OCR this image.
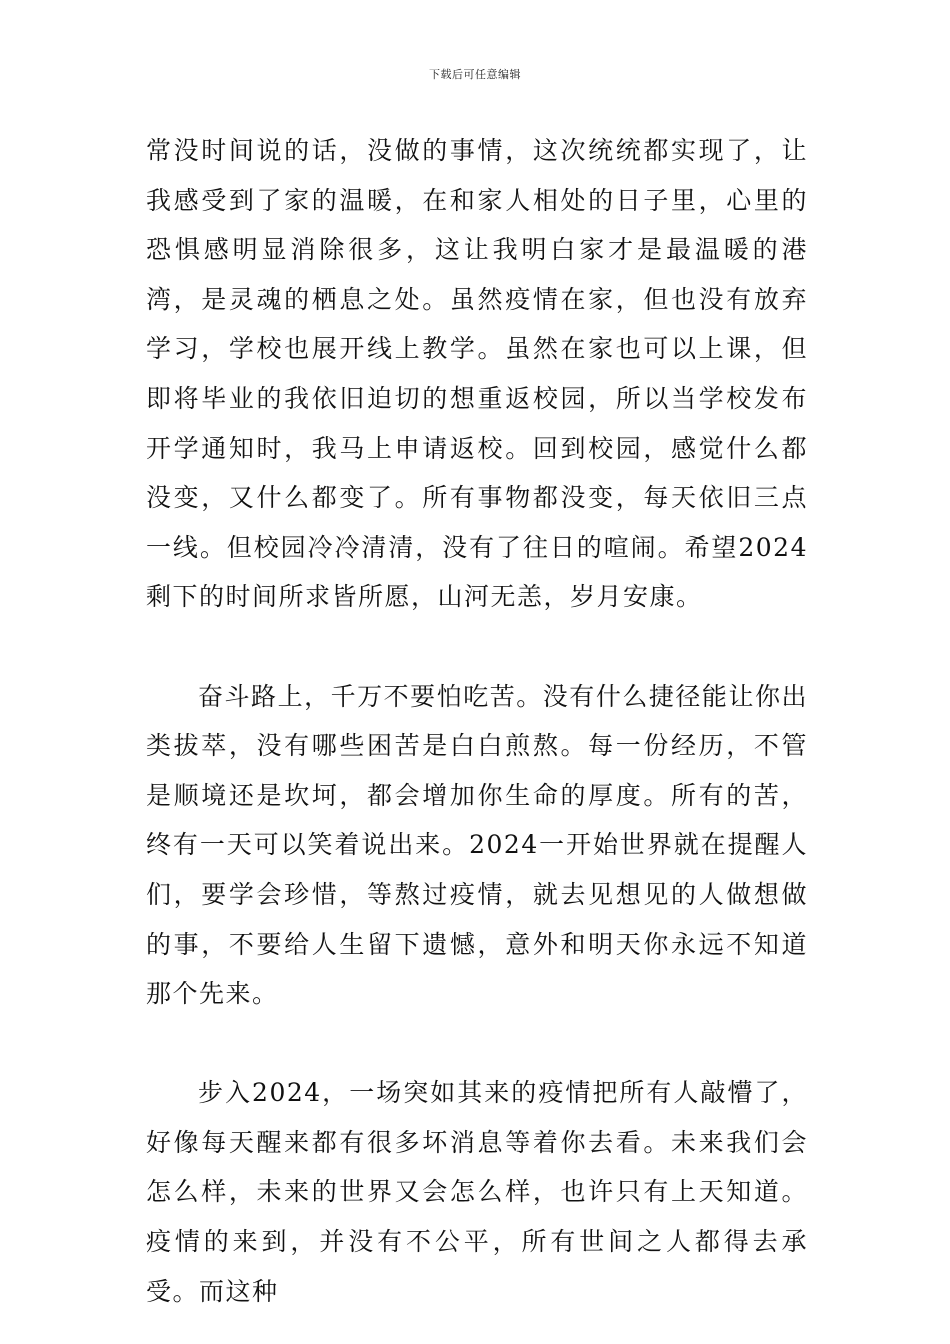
下载后可任意编辑

常没时间说的话，没做的事情，这次统统都实现了，让我感受到了家的温暖，在和家人相处的日子里，心里的恐惧感明显消除很多，这让我明白家才是最温暖的港湾，是灵魂的栖息之处。虽然疫情在家，但也没有放弃学习，学校也展开线上教学。虽然在家也可以上课，但即将毕业的我依旧迫切的想重返校园，所以当学校发布开学通知时，我马上申请返校。回到校园，感觉什么都没变，又什么都变了。所有事物都没变，每天依旧三点一线。但校园冷冷清清，没有了往日的喧闹。希望2024剩下的时间所求皆所愿，山河无恙，岁月安康。

奋斗路上，千万不要怕吃苦。没有什么捷径能让你出类拔萃，没有哪些困苦是白白煎熬。每一份经历，不管是顺境还是坎坷，都会增加你生命的厚度。所有的苦，终有一天可以笑着说出来。2024一开始世界就在提醒人们，要学会珍惜，等熬过疫情，就去见想见的人做想做的事，不要给人生留下遗憾，意外和明天你永远不知道那个先来。

步入2024，一场突如其来的疫情把所有人敲懵了，好像每天醒来都有很多坏消息等着你去看。未来我们会怎么样，未来的世界又会怎么样，也许只有上天知道。疫情的来到，并没有不公平，所有世间之人都得去承受。而这种
